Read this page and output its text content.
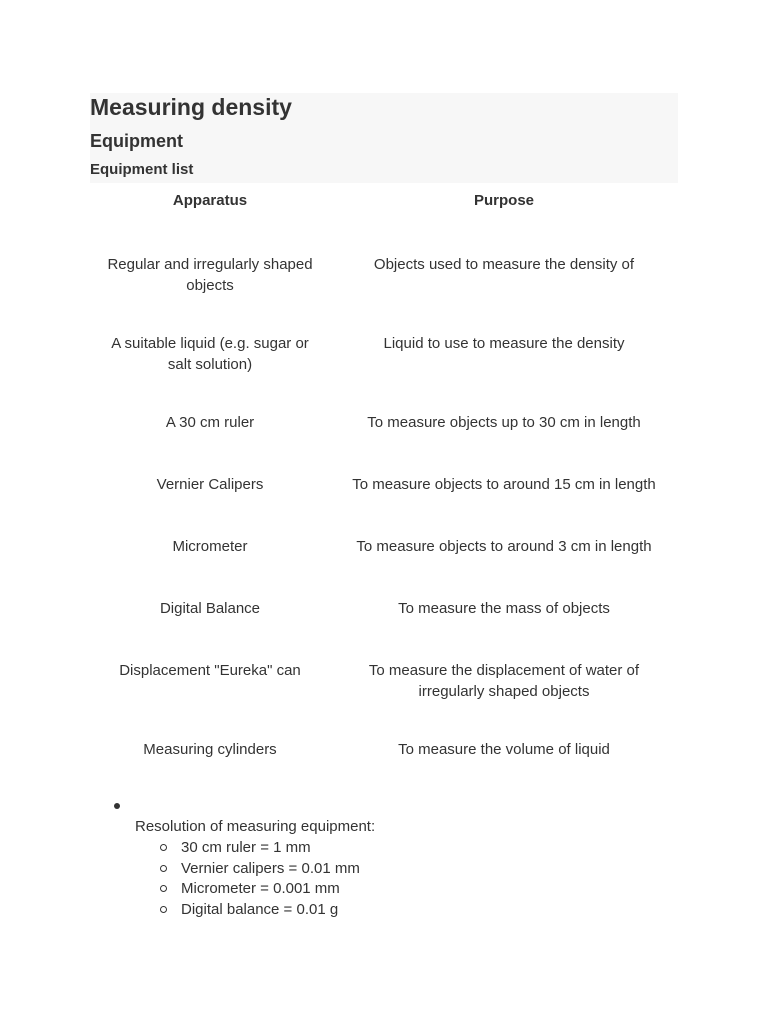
Measuring density
Equipment
Equipment list
Apparatus	Purpose

Regular and irregularly shaped objects	Objects used to measure the density of

A suitable liquid (e.g. sugar or salt solution)	Liquid to use to measure the density

A 30 cm ruler	To measure objects up to 30 cm in length

Vernier Calipers	To measure objects to around 15 cm in length

Micrometer	To measure objects to around 3 cm in length

Digital Balance	To measure the mass of objects

Displacement "Eureka" can	To measure the displacement of water of irregularly shaped objects

Measuring cylinders	To measure the volume of liquid
Resolution of measuring equipment:
30 cm ruler = 1 mm
Vernier calipers = 0.01 mm
Micrometer = 0.001 mm
Digital balance = 0.01 g
